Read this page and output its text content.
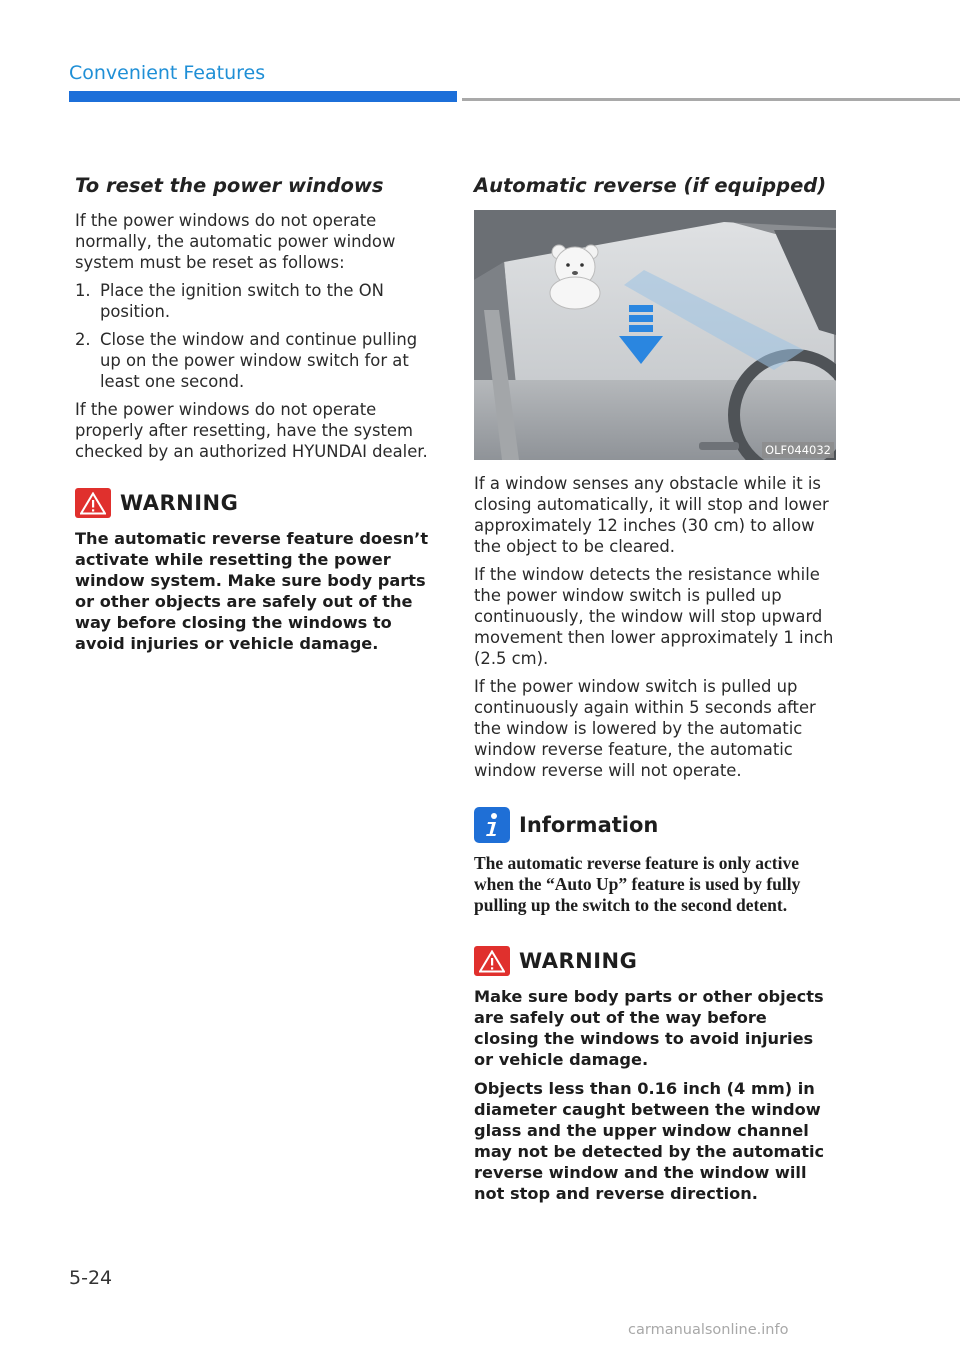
Convenient Features
To reset the power windows

If the power windows do not operate normally, the automatic power window system must be reset as follows:

1. Place the ignition switch to the ON position.
2. Close the window and continue pulling up on the power window switch for at least one second.

If the power windows do not operate properly after resetting, have the system checked by an authorized HYUNDAI dealer.

WARNING

The automatic reverse feature doesn’t activate while resetting the power window system. Make sure body parts or other objects are safely out of the way before closing the windows to avoid injuries or vehicle damage.

Automatic reverse (if equipped)
OLF044032

If a window senses any obstacle while it is closing automatically, it will stop and lower approximately 12 inches (30 cm) to allow the object to be cleared.

If the window detects the resistance while the power window switch is pulled up continuously, the window will stop upward movement then lower approximately 1 inch (2.5 cm).

If the power window switch is pulled up continuously again within 5 seconds after the window is lowered by the automatic window reverse feature, the automatic window reverse will not operate.

Information

The automatic reverse feature is only active when the “Auto Up” feature is used by fully pulling up the switch to the second detent.

WARNING

Make sure body parts or other objects are safely out of the way before closing the windows to avoid injuries or vehicle damage.

Objects less than 0.16 inch (4 mm) in diameter caught between the window glass and the upper window channel may not be detected by the automatic reverse window and the window will not stop and reverse direction.

5-24
carmanualsonline.info
